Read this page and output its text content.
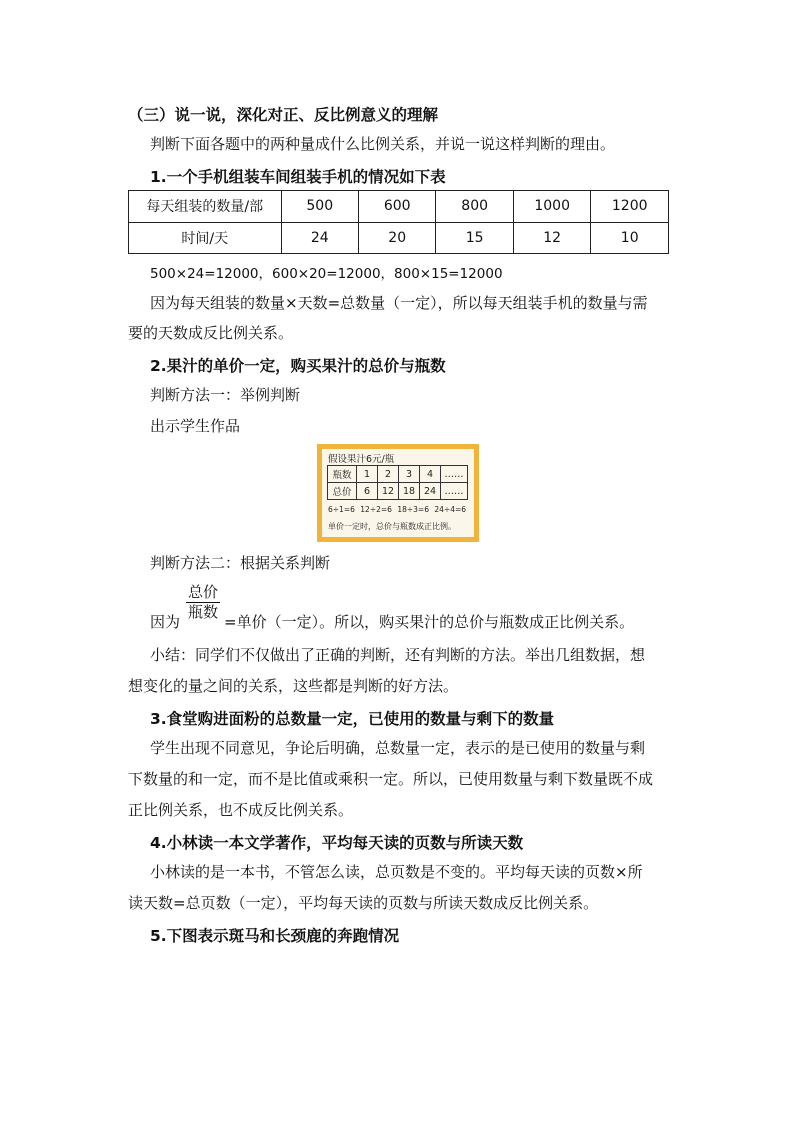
（三）说一说，深化对正、反比例意义的理解
判断下面各题中的两种量成什么比例关系，并说一说这样判断的理由。
1.一个手机组装车间组装手机的情况如下表
每天组装的数量/部	500	600	800	1000	1200
时间/天	24	20	15	12	10
500×24=12000，600×20=12000，800×15=12000
因为每天组装的数量×天数=总数量（一定），所以每天组装手机的数量与需
要的天数成反比例关系。
2.果汁的单价一定，购买果汁的总价与瓶数
判断方法一：举例判断
出示学生作品
假设果汁6元/瓶
瓶数	1	2	3	4	……
总价	6	12	18	24	……
6÷1=6 12÷2=6 18÷3=6 24÷4=6
单价一定时，总价与瓶数成正比例。
判断方法二：根据关系判断
总价
瓶数
因为	=单价（一定）。所以，购买果汁的总价与瓶数成正比例关系。
小结：同学们不仅做出了正确的判断，还有判断的方法。举出几组数据，想
想变化的量之间的关系，这些都是判断的好方法。
3.食堂购进面粉的总数量一定，已使用的数量与剩下的数量
学生出现不同意见，争论后明确，总数量一定，表示的是已使用的数量与剩
下数量的和一定，而不是比值或乘积一定。所以，已使用数量与剩下数量既不成
正比例关系，也不成反比例关系。
4.小林读一本文学著作，平均每天读的页数与所读天数
小林读的是一本书，不管怎么读，总页数是不变的。平均每天读的页数×所
读天数=总页数（一定），平均每天读的页数与所读天数成反比例关系。
5.下图表示斑马和长颈鹿的奔跑情况
